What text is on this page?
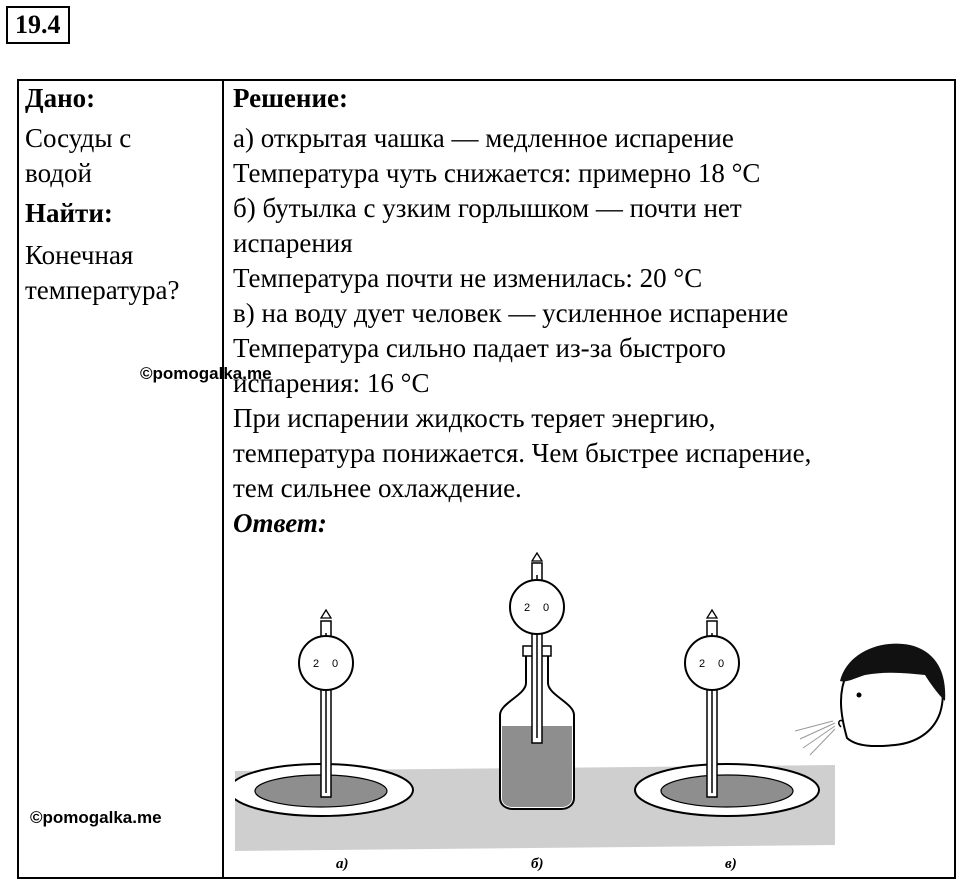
19.4
Дано:
Сосуды с
водой
Найти:
Конечная
температура?
Решение:
а) открытая чашка — медленное испарение
Температура чуть снижается: примерно 18 °С
б) бутылка с узким горлышком — почти нет
испарения
Температура почти не изменилась: 20 °С
в) на воду дует человек — усиленное испарение
Температура сильно падает из-за быстрого
испарения: 16 °С
При испарении жидкость теряет энергию,
температура понижается. Чем быстрее испарение,
тем сильнее охлаждение.
Ответ:
©pomogalka.me
©pomogalka.me
2 0
а)
2 0
б)
2 0
в)
